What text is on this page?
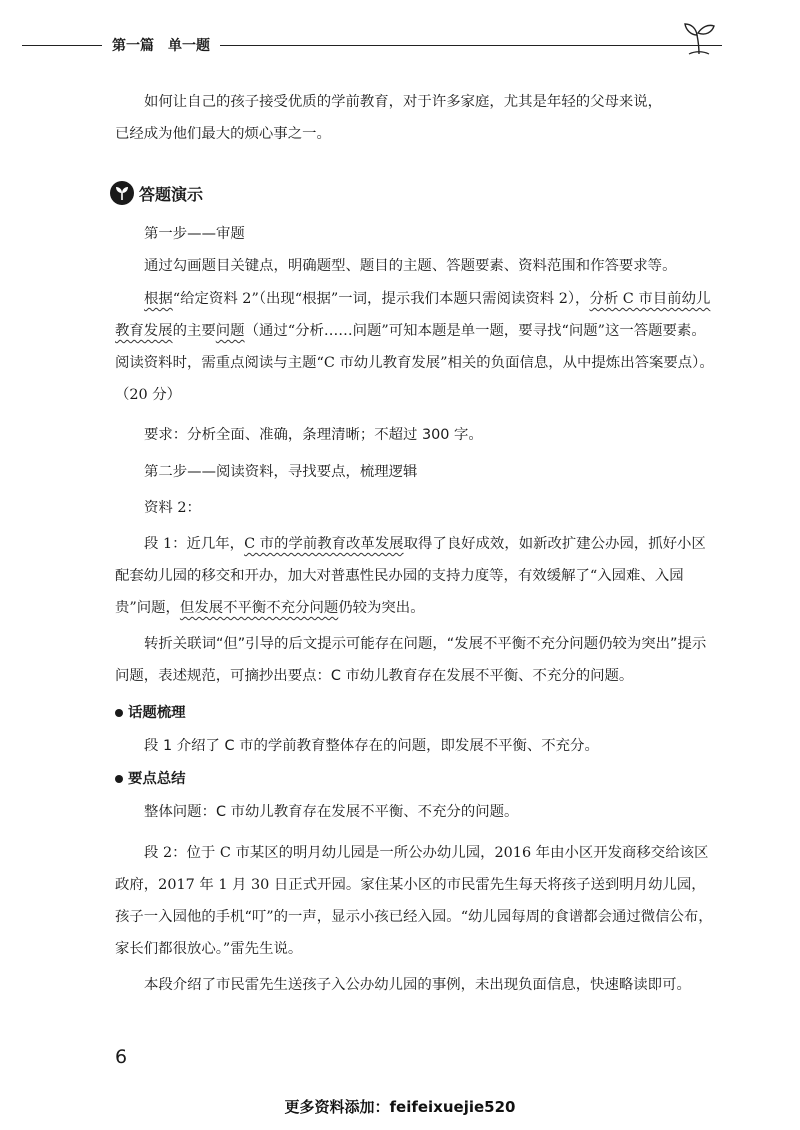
第一篇 单一题

如何让自己的孩子接受优质的学前教育，对于许多家庭，尤其是年轻的父母来说，

已经成为他们最大的烦心事之一。

答题演示

第一步——审题

通过勾画题目关键点，明确题型、题目的主题、答题要素、资料范围和作答要求等。

根据“给定资料 2”（出现“根据”一词，提示我们本题只需阅读资料 2），分析 C 市目前幼儿教育发展的主要问题（通过“分析……问题”可知本题是单一题，要寻找“问题”这一答题要素。阅读资料时，需重点阅读与主题“C 市幼儿教育发展”相关的负面信息，从中提炼出答案要点）。（20 分）

要求：分析全面、准确，条理清晰；不超过 300 字。

第二步——阅读资料，寻找要点，梳理逻辑

资料 2：

段 1：近几年，C 市的学前教育改革发展取得了良好成效，如新改扩建公办园，抓好小区配套幼儿园的移交和开办，加大对普惠性民办园的支持力度等，有效缓解了“入园难、入园贵”问题，但发展不平衡不充分问题仍较为突出。

转折关联词“但”引导的后文提示可能存在问题，“发展不平衡不充分问题仍较为突出”提示问题，表述规范，可摘抄出要点：C 市幼儿教育存在发展不平衡、不充分的问题。

话题梳理

段 1 介绍了 C 市的学前教育整体存在的问题，即发展不平衡、不充分。

要点总结

整体问题：C 市幼儿教育存在发展不平衡、不充分的问题。

段 2：位于 C 市某区的明月幼儿园是一所公办幼儿园，2016 年由小区开发商移交给该区政府，2017 年 1 月 30 日正式开园。家住某小区的市民雷先生每天将孩子送到明月幼儿园，孩子一入园他的手机“叮”的一声，显示小孩已经入园。“幼儿园每周的食谱都会通过微信公布，家长们都很放心。”雷先生说。

本段介绍了市民雷先生送孩子入公办幼儿园的事例，未出现负面信息，快速略读即可。

6
更多资料添加：feifeixuejie520
